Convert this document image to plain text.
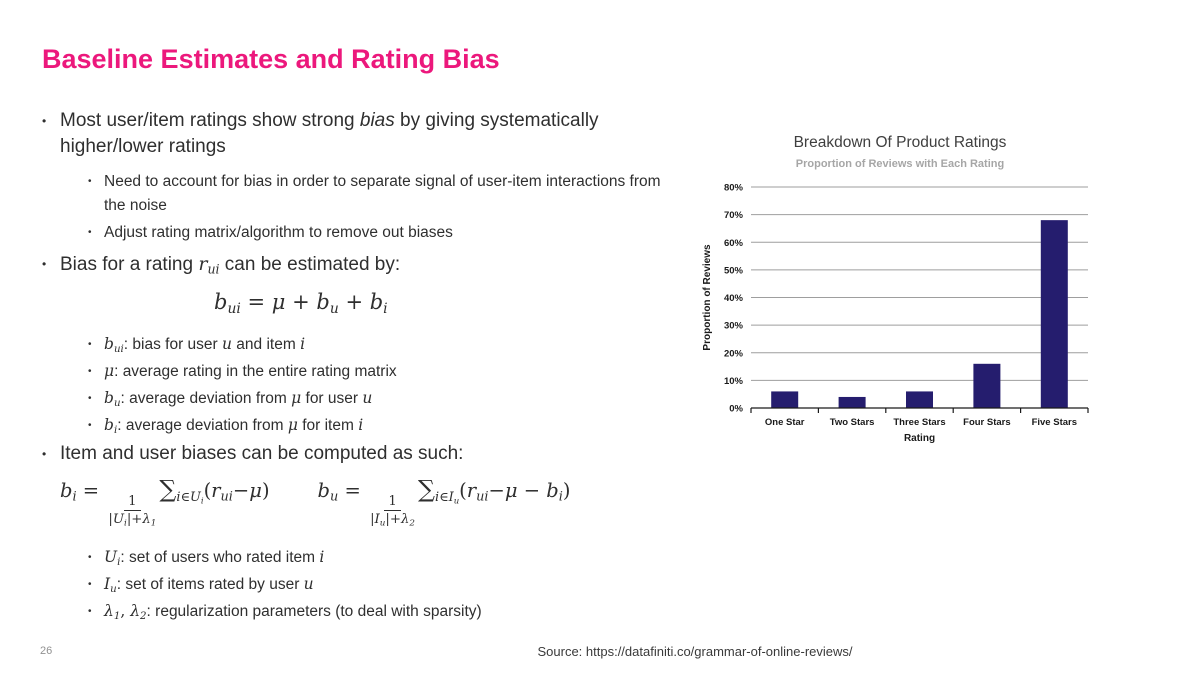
Baseline Estimates and Rating Bias
• Most user/item ratings show strong bias by giving systematically higher/lower ratings
• Need to account for bias in order to separate signal of user-item interactions from the noise
• Adjust rating matrix/algorithm to remove out biases
• Bias for a rating $r_{ui}$ can be estimated by:
$b_{ui} = \mu + b_u + b_i$
• $b_{ui}$: bias for user u and item i
• μ: average rating in the entire rating matrix
• $b_u$: average deviation from μ for user u
• $b_i$: average deviation from μ for item i
• Item and user biases can be computed as such:
$b_i$ =
$\frac{1}{|U_i|+\lambda_1}$
$\sum_{i\in U_i}(r_{ui}-\mu) b_u$ =
$\frac{1}{|I_u|+\lambda_2}$
$\sum_{i\in I_u}(r_{ui}-\mu - b_i)$
• $U_i$: set of users who rated item i
• $I_u$: set of items rated by user u
• $\lambda_1$, $\lambda_2$: regularization parameters (to deal with sparsity)
Breakdown Of Product Ratings
Proportion of Reviews with Each Rating
0%
10%
20%
30%
40%
50%
60%
70%
80%
One Star	Two Stars Three Stars Four Stars Five Stars
Rating
Proportion of Reviews
26	Source: https://datafiniti.co/grammar-of-online-reviews/
